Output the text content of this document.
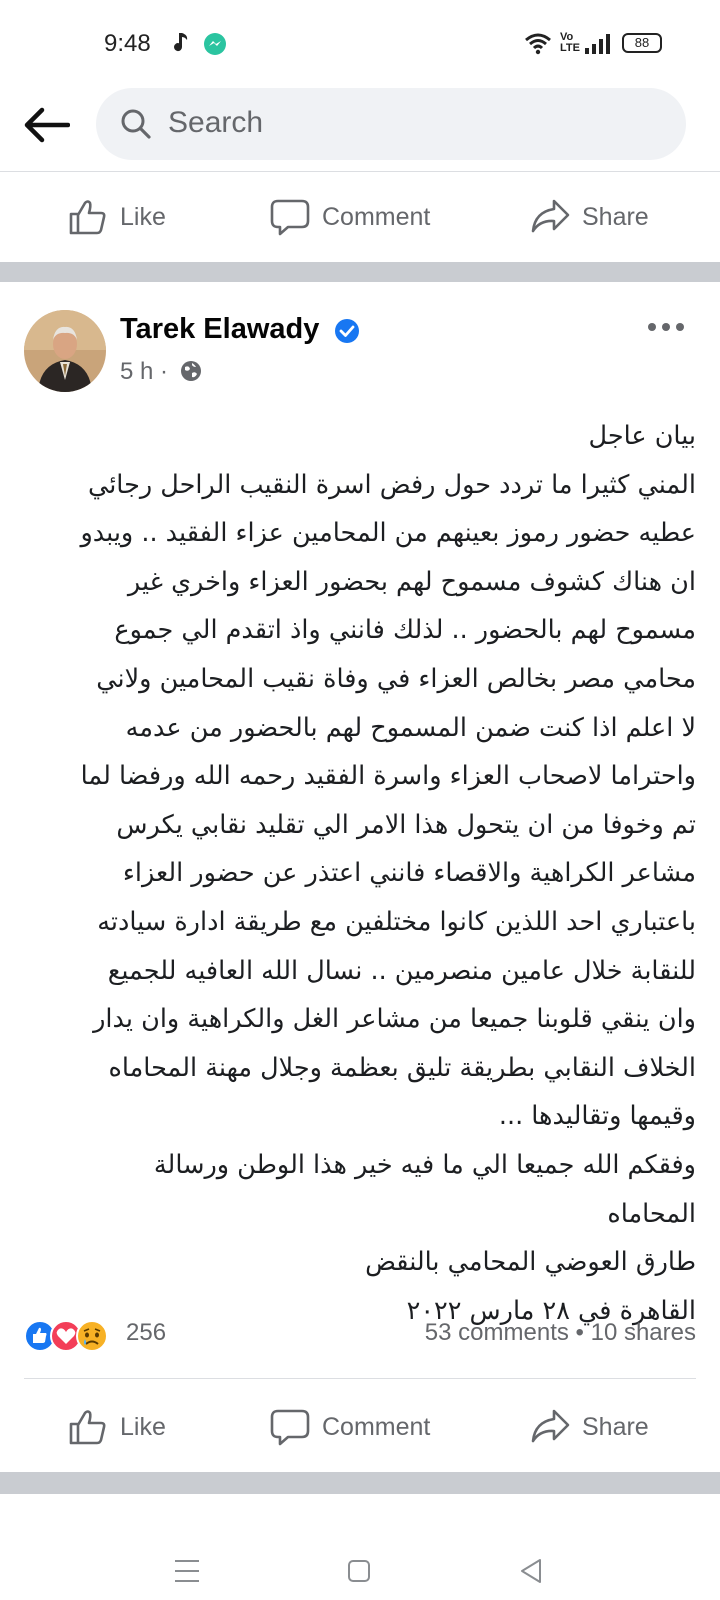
9:48	Vo
LTE	88
Search
Like	Comment	Share
Tarek Elawady
5 h ·
بيان عاجل
المني كثيرا ما تردد حول رفض اسرة النقيب الراحل رجائي
عطيه حضور رموز بعينهم من المحامين عزاء الفقيد .. ويبدو
ان هناك كشوف مسموح لهم بحضور العزاء واخري غير
مسموح لهم بالحضور .. لذلك فانني واذ اتقدم الي جموع
محامي مصر بخالص العزاء في وفاة نقيب المحامين ولاني
لا اعلم اذا كنت ضمن المسموح لهم بالحضور من عدمه
واحتراما لاصحاب العزاء واسرة الفقيد رحمه الله ورفضا لما
تم وخوفا من ان يتحول هذا الامر الي تقليد نقابي يكرس
مشاعر الكراهية والاقصاء فانني اعتذر عن حضور العزاء
باعتباري احد اللذين كانوا مختلفين مع طريقة ادارة سيادته
للنقابة خلال عامين منصرمين .. نسال الله العافيه للجميع
وان ينقي قلوبنا جميعا من مشاعر الغل والكراهية وان يدار
الخلاف النقابي بطريقة تليق بعظمة وجلال مهنة المحاماه
وقيمها وتقاليدها ...
وفقكم الله جميعا الي ما فيه خير هذا الوطن ورسالة
المحاماه
طارق العوضي المحامي بالنقض
القاهرة في ٢٨ مارس ٢٠٢٢
256	53 comments • 10 shares
Like	Comment	Share
